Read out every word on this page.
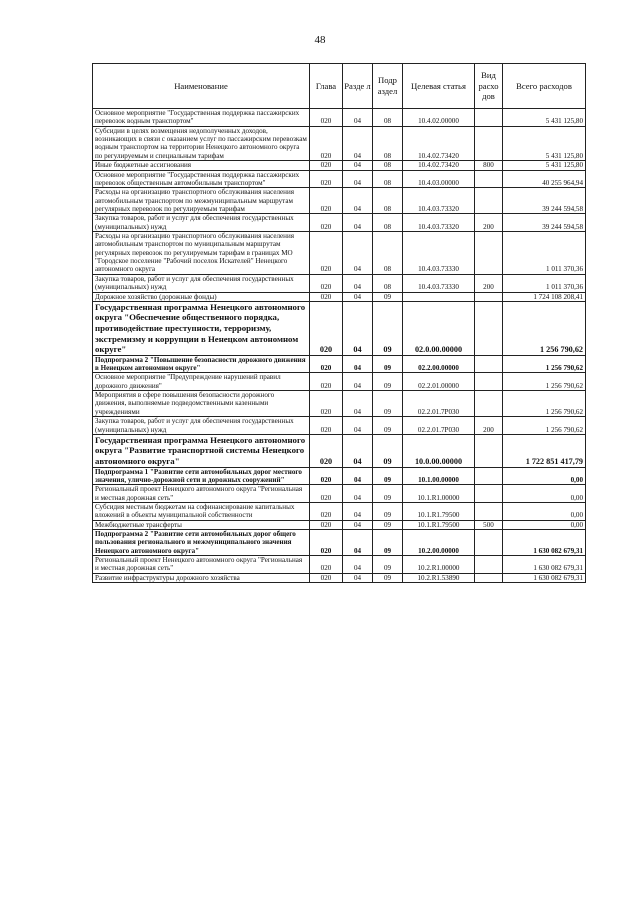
48
Наименование	Глава	Разде л	Подр аздел	Целевая статья	Вид расхо дов	Всего расходов
Основное мероприятие "Государственная поддержка пассажирских перевозок водным транспортом"	020	04	08	10.4.02.00000		5 431 125,80
Субсидии в целях возмещения недополученных доходов, возникающих в связи с оказанием услуг по пассажирским перевозкам водным транспортом на территории Ненецкого автономного округа по регулируемым и специальным тарифам	020	04	08	10.4.02.73420		5 431 125,80
Иные бюджетные ассигнования	020	04	08	10.4.02.73420	800	5 431 125,80
Основное мероприятие "Государственная поддержка пассажирских перевозок общественным автомобильным транспортом"	020	04	08	10.4.03.00000		40 255 964,94
Расходы на организацию транспортного обслуживания населения автомобильным транспортом по межмуниципальным маршрутам регулярных перевозок по регулируемым тарифам	020	04	08	10.4.03.73320		39 244 594,58
Закупка товаров, работ и услуг для обеспечения государственных (муниципальных) нужд	020	04	08	10.4.03.73320	200	39 244 594,58
Расходы на организацию транспортного обслуживания населения автомобильным транспортом по муниципальным маршрутам регулярных перевозок по регулируемым тарифам в границах МО "Городское поселение "Рабочий поселок Искателей" Ненецкого автономного округа	020	04	08	10.4.03.73330		1 011 370,36
Закупка товаров, работ и услуг для обеспечения государственных (муниципальных) нужд	020	04	08	10.4.03.73330	200	1 011 370,36
Дорожное хозяйство (дорожные фонды)	020	04	09			1 724 108 208,41
Государственная программа Ненецкого автономного округа "Обеспечение общественного порядка, противодействие преступности, терроризму, экстремизму и коррупции в Ненецком автономном округе"	020	04	09	02.0.00.00000		1 256 790,62
Подпрограмма 2 "Повышение безопасности дорожного движения в Ненецком автономном округе"	020	04	09	02.2.00.00000		1 256 790,62
Основное мероприятие "Предупреждение нарушений правил дорожного движения"	020	04	09	02.2.01.00000		1 256 790,62
Мероприятия в сфере повышения безопасности дорожного движения, выполняемые подведомственными казенными учреждениями	020	04	09	02.2.01.7Р030		1 256 790,62
Закупка товаров, работ и услуг для обеспечения государственных (муниципальных) нужд	020	04	09	02.2.01.7Р030	200	1 256 790,62
Государственная программа Ненецкого автономного округа "Развитие транспортной системы Ненецкого автономного округа"	020	04	09	10.0.00.00000		1 722 851 417,79
Подпрограмма 1 "Развитие сети автомобильных дорог местного значения, улично-дорожной сети и дорожных сооружений"	020	04	09	10.1.00.00000		0,00
Региональный проект Ненецкого автономного округа "Региональная и местная дорожная сеть"	020	04	09	10.1.R1.00000		0,00
Субсидия местным бюджетам на софинансирование капитальных вложений в объекты муниципальной собственности	020	04	09	10.1.R1.79500		0,00
Межбюджетные трансферты	020	04	09	10.1.R1.79500	500	0,00
Подпрограмма 2 "Развитие сети автомобильных дорог общего пользования регионального и межмуниципального значения Ненецкого автономного округа"	020	04	09	10.2.00.00000		1 630 082 679,31
Региональный проект Ненецкого автономного округа "Региональная и местная дорожная сеть"	020	04	09	10.2.R1.00000		1 630 082 679,31
Развитие инфраструктуры дорожного хозяйства	020	04	09	10.2.R1.53890		1 630 082 679,31
